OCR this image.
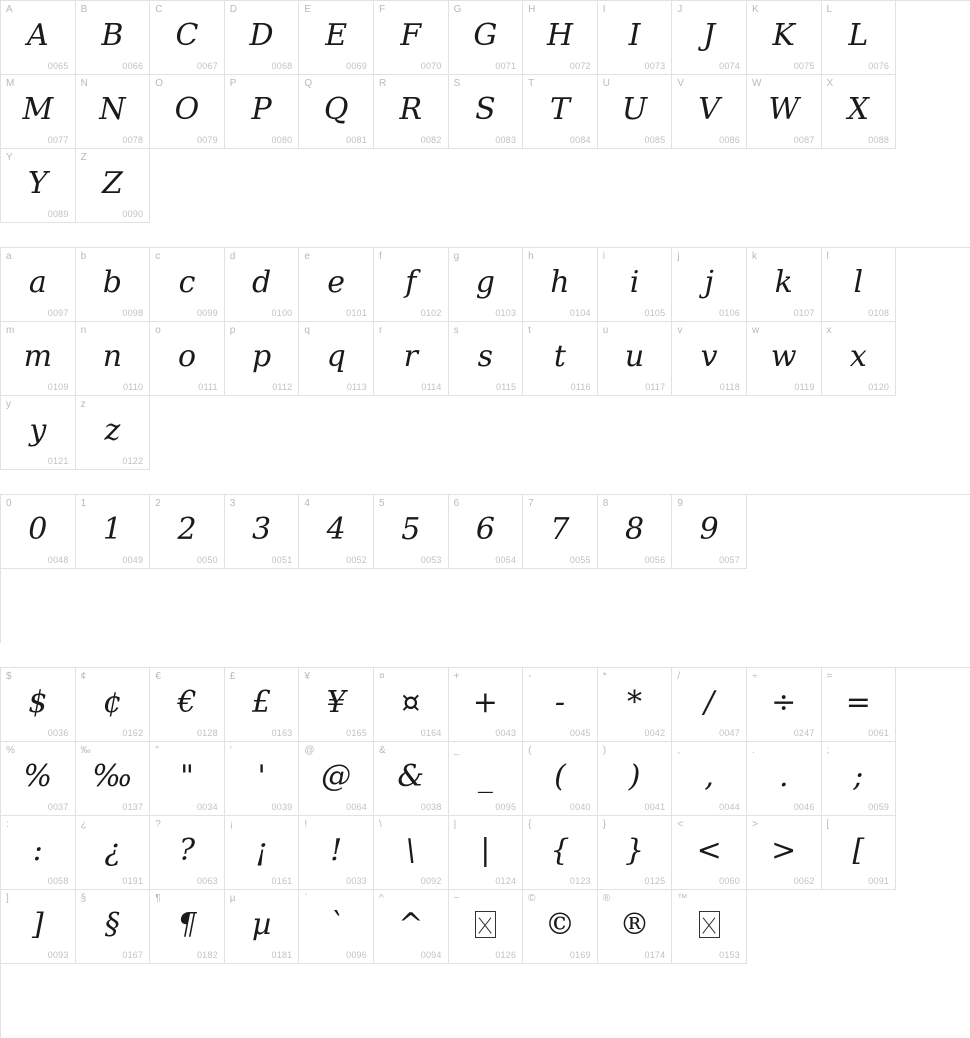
A
A
0065
B
B
0066
C
C
0067
D
D
0068
E
E
0069
F
F
0070
G
G
0071
H
H
0072
I
I
0073
J
J
0074
K
K
0075
L
L
0076
M
M
0077
N
N
0078
O
O
0079
P
P
0080
Q
Q
0081
R
R
0082
S
S
0083
T
T
0084
U
U
0085
V
V
0086
W
W
0087
X
X
0088
Y
Y
0089
Z
Z
0090
a
a
0097
b
b
0098
c
c
0099
d
d
0100
e
e
0101
f
f
0102
g
g
0103
h
h
0104
i
i
0105
j
j
0106
k
k
0107
l
l
0108
m
m
0109
n
n
0110
o
o
0111
p
p
0112
q
q
0113
r
r
0114
s
s
0115
t
t
0116
u
u
0117
v
v
0118
w
w
0119
x
x
0120
y
y
0121
z
z
0122
0
0
0048
1
1
0049
2
2
0050
3
3
0051
4
4
0052
5
5
0053
6
6
0054
7
7
0055
8
8
0056
9
9
0057
$
$
0036
¢
¢
0162
€
€
0128
£
£
0163
¥
¥
0165
¤
¤
0164
+
+
0043
-
-
0045
*
*
0042
/
/
0047
÷
÷
0247
=
=
0061
%
%
0037
‰
‰
0137
"
"
0034
'
'
0039
@
@
0064
&
&
0038
_
_
0095
(
(
0040
)
)
0041
,
,
0044
.
.
0046
;
;
0059
:
:
0058
¿
¿
0191
?
?
0063
¡
¡
0161
!
!
0033
\
\
0092
|
|
0124
{
{
0123
}
}
0125
<
<
0060
>
>
0062
[
[
0091
]
]
0093
§
§
0167
¶
¶
0182
µ
µ
0181
`
`
0096
^
^
0094
~
0126
©
©
0169
®
®
0174
™
0153
